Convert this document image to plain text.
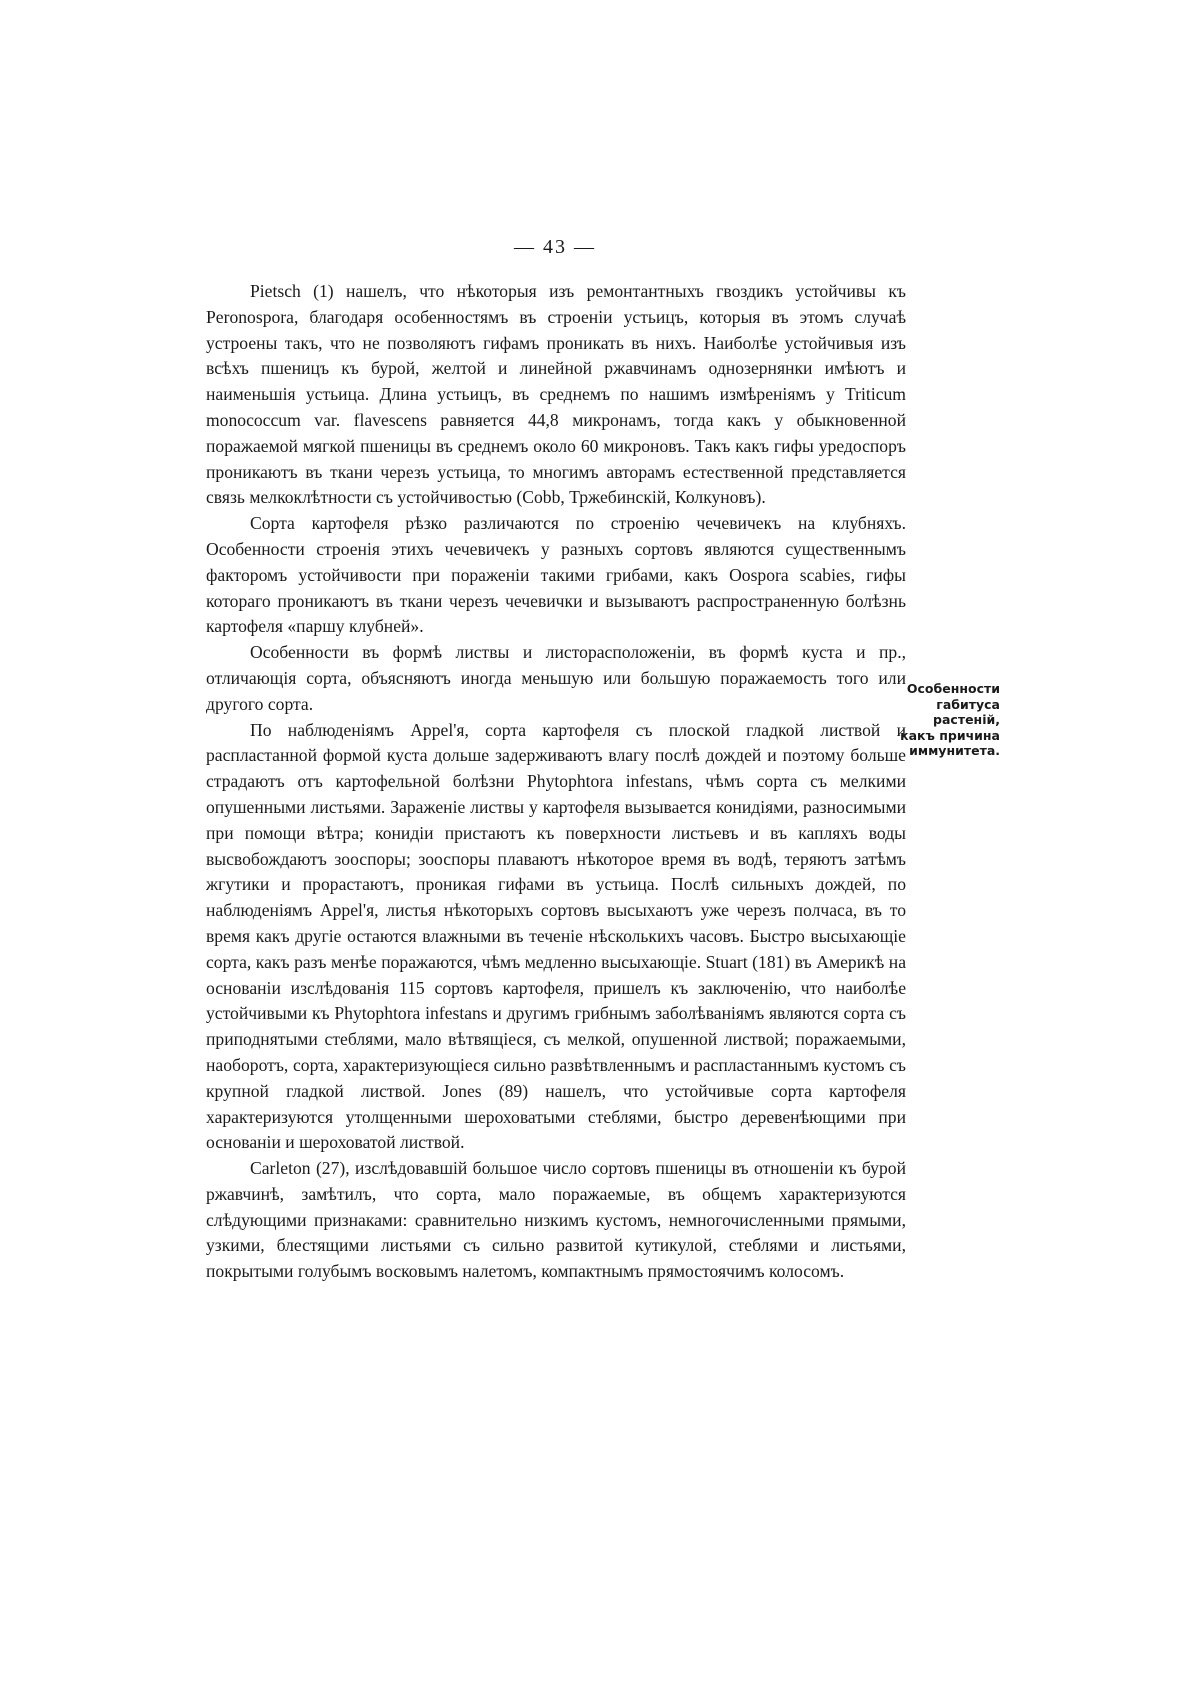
— 43 —

Pietsch (1) нашелъ, что нѣкоторыя изъ ремонтантныхъ гвоздикъ устойчивы къ Peronospora, благодаря особенностямъ въ строеніи устьицъ, которыя въ этомъ случаѣ устроены такъ, что не позволяютъ гифамъ проникать въ нихъ. Наиболѣе устойчивыя изъ всѣхъ пшеницъ къ бурой, желтой и линейной ржавчинамъ однозернянки имѣютъ и наименьшія устьица. Длина устьицъ, въ среднемъ по нашимъ измѣреніямъ у Triticum monococcum var. flavescens равняется 44,8 микронамъ, тогда какъ у обыкновенной поражаемой мягкой пшеницы въ среднемъ около 60 микроновъ. Такъ какъ гифы уредоспоръ проникаютъ въ ткани черезъ устьица, то многимъ авторамъ естественной представляется связь мелкоклѣтности съ устойчивостью (Cobb, Тржебинскій, Колкуновъ).

Сорта картофеля рѣзко различаются по строенію чечевичекъ на клубняхъ. Особенности строенія этихъ чечевичекъ у разныхъ сортовъ являются существеннымъ факторомъ устойчивости при пораженіи такими грибами, какъ Oospora scabies, гифы котораго проникаютъ въ ткани черезъ чечевички и вызываютъ распространенную болѣзнь картофеля «паршу клубней».

Особенности въ формѣ листвы и листорасположеніи, въ формѣ куста и пр., отличающія сорта, объясняютъ иногда меньшую или большую поражаемость того или другого сорта.

По наблюденіямъ Appel'я, сорта картофеля съ плоской гладкой листвой и распластанной формой куста дольше задерживаютъ влагу послѣ дождей и поэтому больше страдаютъ отъ картофельной болѣзни Phytophtora infestans, чѣмъ сорта съ мелкими опушенными листьями. Зараженіе листвы у картофеля вызывается конидіями, разносимыми при помощи вѣтра; конидіи пристаютъ къ поверхности листьевъ и въ капляхъ воды высвобождаютъ зооспоры; зооспоры плаваютъ нѣкоторое время въ водѣ, теряютъ затѣмъ жгутики и прорастаютъ, проникая гифами въ устьица. Послѣ сильныхъ дождей, по наблюденіямъ Appel'я, листья нѣкоторыхъ сортовъ высыхаютъ уже черезъ полчаса, въ то время какъ другіе остаются влажными въ теченіе нѣсколькихъ часовъ. Быстро высыхающіе сорта, какъ разъ менѣе поражаются, чѣмъ медленно высыхающіе. Stuart (181) въ Америкѣ на основаніи изслѣдованія 115 сортовъ картофеля, пришелъ къ заключенію, что наиболѣе устойчивыми къ Phytophtora infestans и другимъ грибнымъ заболѣваніямъ являются сорта съ приподнятыми стеблями, мало вѣтвящіеся, съ мелкой, опушенной листвой; поражаемыми, наоборотъ, сорта, характеризующіеся сильно развѣтвленнымъ и распластаннымъ кустомъ съ крупной гладкой листвой. Jones (89) нашелъ, что устойчивые сорта картофеля характеризуются утолщенными шероховатыми стеблями, быстро деревенѣющими при основаніи и шероховатой листвой.

Carleton (27), изслѣдовавшій большое число сортовъ пшеницы въ отношеніи къ бурой ржавчинѣ, замѣтилъ, что сорта, мало поражаемые, въ общемъ характеризуются слѣдующими признаками: сравнительно низкимъ кустомъ, немногочисленными прямыми, узкими, блестящими листьями съ сильно развитой кутикулой, стеблями и листьями, покрытыми голубымъ восковымъ налетомъ, компактнымъ прямостоячимъ колосомъ.

Особенности габитуса растеній, какъ причина иммунитета.
